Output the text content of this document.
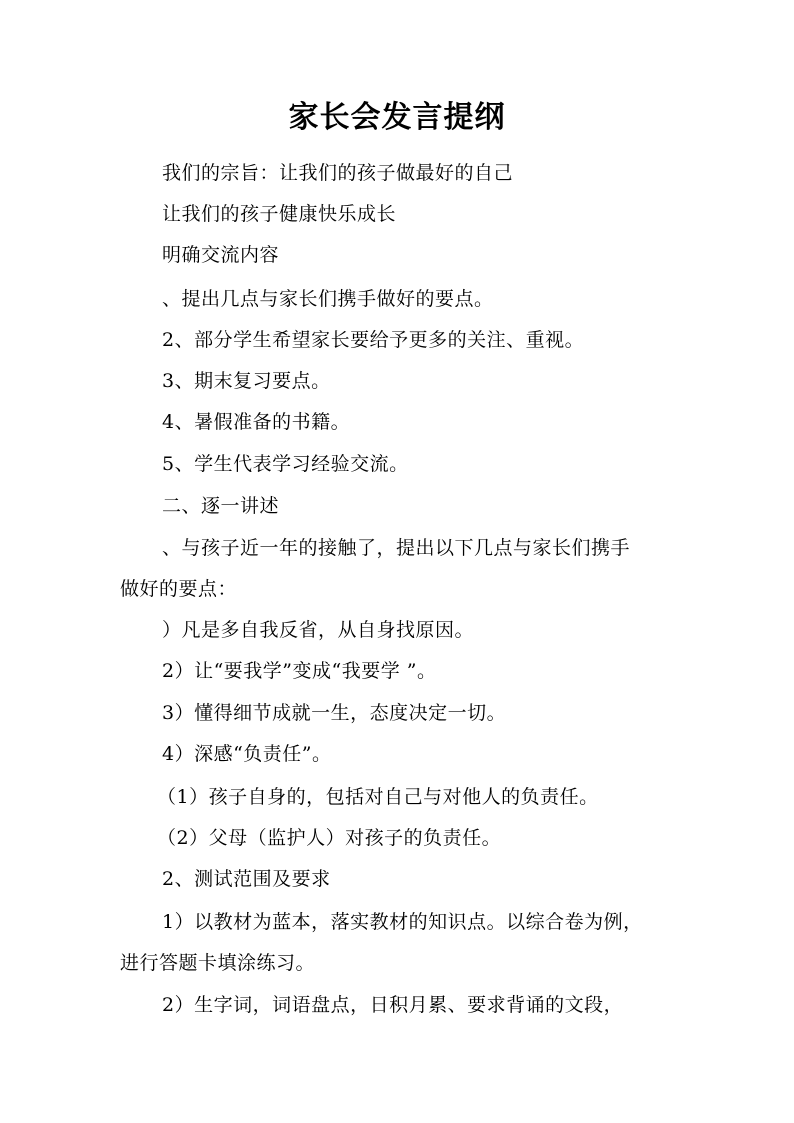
家长会发言提纲
我们的宗旨：让我们的孩子做最好的自己
让我们的孩子健康快乐成长
明确交流内容
、提出几点与家长们携手做好的要点。
2、部分学生希望家长要给予更多的关注、重视。
3、期末复习要点。
4、暑假准备的书籍。
5、学生代表学习经验交流。
二、逐一讲述
、与孩子近一年的接触了，提出以下几点与家长们携手
做好的要点：
）凡是多自我反省，从自身找原因。
2）让“要我学”变成“我要学 ”。
3）懂得细节成就一生，态度决定一切。
4）深感“负责任”。
（1）孩子自身的，包括对自己与对他人的负责任。
（2）父母（监护人）对孩子的负责任。
2、测试范围及要求
1）以教材为蓝本，落实教材的知识点。以综合卷为例，
进行答题卡填涂练习。
2）生字词，词语盘点，日积月累、要求背诵的文段，
